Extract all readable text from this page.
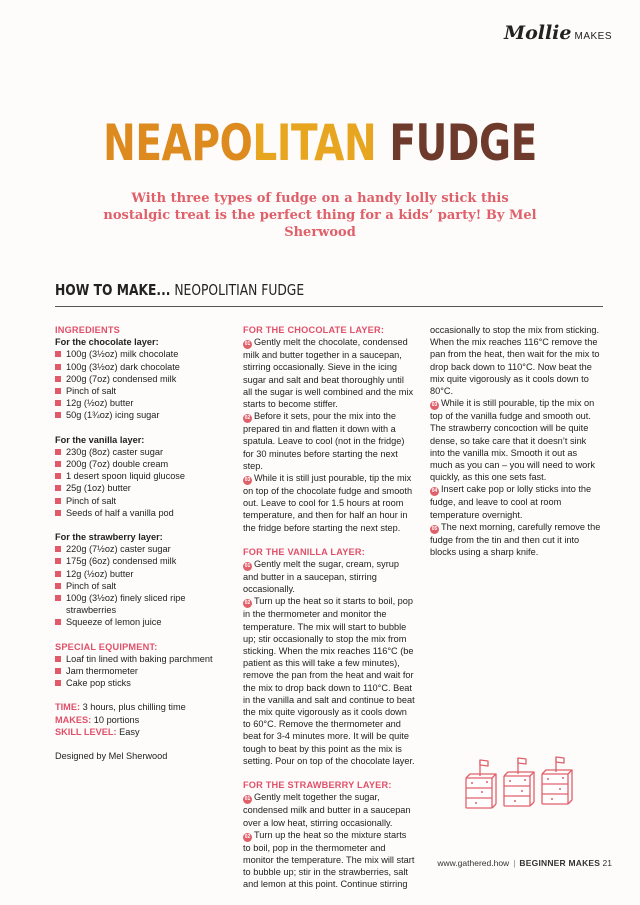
Mollie MAKES
NEAPOLITAN FUDGE
With three types of fudge on a handy lolly stick this nostalgic treat is the perfect thing for a kids’ party! By Mel Sherwood
HOW TO MAKE... NEOPOLITIAN FUDGE
INGREDIENTS
For the chocolate layer:
100g (3½oz) milk chocolate
100g (3½oz) dark chocolate
200g (7oz) condensed milk
Pinch of salt
12g (½oz) butter
50g (1¾oz) icing sugar
For the vanilla layer:
230g (8oz) caster sugar
200g (7oz) double cream
1 desert spoon liquid glucose
25g (1oz) butter
Pinch of salt
Seeds of half a vanilla pod
For the strawberry layer:
220g (7½oz) caster sugar
175g (6oz) condensed milk
12g (½oz) butter
Pinch of salt
100g (3½oz) finely sliced ripe strawberries
Squeeze of lemon juice
SPECIAL EQUIPMENT:
Loaf tin lined with baking parchment
Jam thermometer
Cake pop sticks
TIME: 3 hours, plus chilling time
MAKES: 10 portions
SKILL LEVEL: Easy
Designed by Mel Sherwood
FOR THE CHOCOLATE LAYER:
01 Gently melt the chocolate, condensed milk and butter together in a saucepan, stirring occasionally. Sieve in the icing sugar and salt and beat thoroughly until all the sugar is well combined and the mix starts to become stiffer.
02 Before it sets, pour the mix into the prepared tin and flatten it down with a spatula. Leave to cool (not in the fridge) for 30 minutes before starting the next step.
03 While it is still just pourable, tip the mix on top of the chocolate fudge and smooth out. Leave to cool for 1.5 hours at room temperature, and then for half an hour in the fridge before starting the next step.
FOR THE VANILLA LAYER:
01 Gently melt the sugar, cream, syrup and butter in a saucepan, stirring occasionally.
02 Turn up the heat so it starts to boil, pop in the thermometer and monitor the temperature. The mix will start to bubble up; stir occasionally to stop the mix from sticking. When the mix reaches 116°C (be patient as this will take a few minutes), remove the pan from the heat and wait for the mix to drop back down to 110°C. Beat in the vanilla and salt and continue to beat the mix quite vigorously as it cools down to 60°C. Remove the thermometer and beat for 3-4 minutes more. It will be quite tough to beat by this point as the mix is setting. Pour on top of the chocolate layer.
FOR THE STRAWBERRY LAYER:
01 Gently melt together the sugar, condensed milk and butter in a saucepan over a low heat, stirring occasionally.
02 Turn up the heat so the mixture starts to boil, pop in the thermometer and monitor the temperature. The mix will start to bubble up; stir in the strawberries, salt and lemon at this point. Continue stirring
occasionally to stop the mix from sticking. When the mix reaches 116°C remove the pan from the heat, then wait for the mix to drop back down to 110°C. Now beat the mix quite vigorously as it cools down to 80°C.
03 While it is still pourable, tip the mix on top of the vanilla fudge and smooth out. The strawberry concoction will be quite dense, so take care that it doesn’t sink into the vanilla mix. Smooth it out as much as you can – you will need to work quickly, as this one sets fast.
04 Insert cake pop or lolly sticks into the fudge, and leave to cool at room temperature overnight.
05 The next morning, carefully remove the fudge from the tin and then cut it into blocks using a sharp knife.
www.gathered.how | BEGINNER MAKES 21
